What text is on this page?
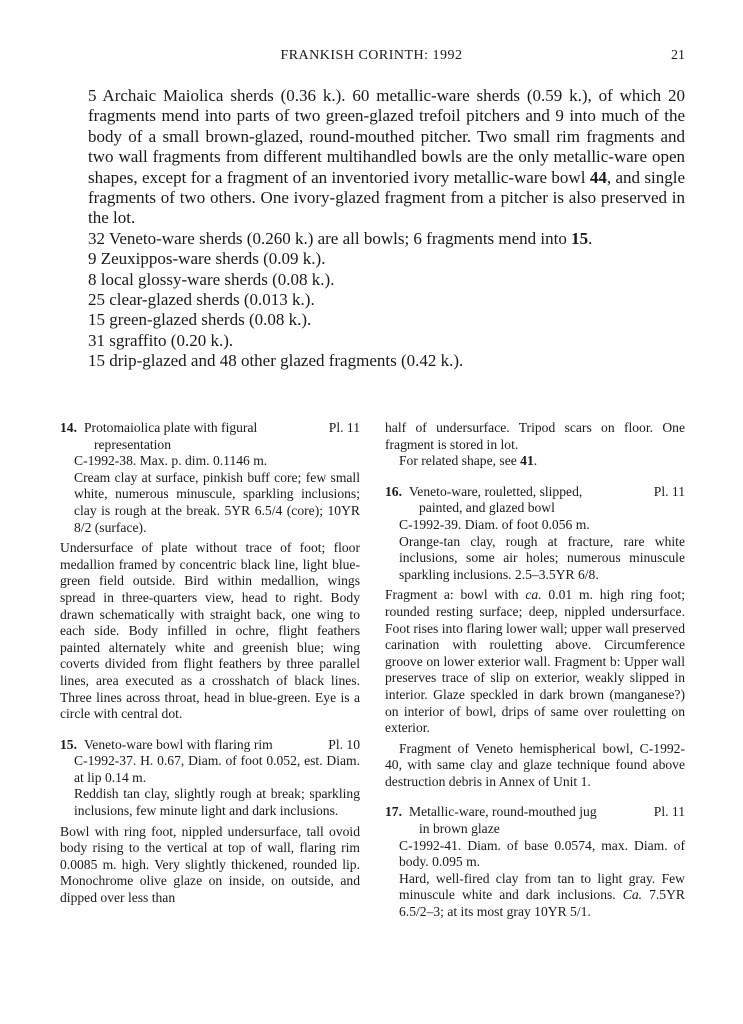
FRANKISH CORINTH: 1992	21

5 Archaic Maiolica sherds (0.36 k.). 60 metallic-ware sherds (0.59 k.), of which 20 fragments mend into parts of two green-glazed trefoil pitchers and 9 into much of the body of a small brown-glazed, round-mouthed pitcher. Two small rim fragments and two wall fragments from different multihandled bowls are the only metallic-ware open shapes, except for a fragment of an inventoried ivory metallic-ware bowl 44, and single fragments of two others. One ivory-glazed fragment from a pitcher is also preserved in the lot.

32 Veneto-ware sherds (0.260 k.) are all bowls; 6 fragments mend into 15.
9 Zeuxippos-ware sherds (0.09 k.).
8 local glossy-ware sherds (0.08 k.).
25 clear-glazed sherds (0.013 k.).
15 green-glazed sherds (0.08 k.).
31 sgraffito (0.20 k.).
15 drip-glazed and 48 other glazed fragments (0.42 k.).
14. Protomaiolica plate with figural
representation
Pl. 11

C-1992-38. Max. p. dim. 0.1146 m.

Cream clay at surface, pinkish buff core; few small white, numerous minuscule, sparkling inclusions; clay is rough at the break. 5YR 6.5/4 (core); 10YR 8/2 (surface).

Undersurface of plate without trace of foot; floor medallion framed by concentric black line, light blue-green field outside. Bird within medallion, wings spread in three-quarters view, head to right. Body drawn schematically with straight back, one wing to each side. Body infilled in ochre, flight feathers painted alternately white and greenish blue; wing coverts divided from flight feathers by three parallel lines, area executed as a crosshatch of black lines. Three lines across throat, head in blue-green. Eye is a circle with central dot.

15. Veneto-ware bowl with flaring rim	Pl. 10

C-1992-37. H. 0.67, Diam. of foot 0.052, est. Diam. at lip 0.14 m.

Reddish tan clay, slightly rough at break; sparkling inclusions, few minute light and dark inclusions.

Bowl with ring foot, nippled undersurface, tall ovoid body rising to the vertical at top of wall, flaring rim 0.0085 m. high. Very slightly thickened, rounded lip. Monochrome olive glaze on inside, on outside, and dipped over less than

half of undersurface. Tripod scars on floor. One fragment is stored in lot.

For related shape, see 41.

16. Veneto-ware, rouletted, slipped,
painted, and glazed bowl
Pl. 11

C-1992-39. Diam. of foot 0.056 m.

Orange-tan clay, rough at fracture, rare white inclusions, some air holes; numerous minuscule sparkling inclusions. 2.5–3.5YR 6/8.

Fragment a: bowl with ca. 0.01 m. high ring foot; rounded resting surface; deep, nippled undersurface. Foot rises into flaring lower wall; upper wall preserved carination with rouletting above. Circumference groove on lower exterior wall. Fragment b: Upper wall preserves trace of slip on exterior, weakly slipped in interior. Glaze speckled in dark brown (manganese?) on interior of bowl, drips of same over rouletting on exterior.

Fragment of Veneto hemispherical bowl, C-1992-40, with same clay and glaze technique found above destruction debris in Annex of Unit 1.

17. Metallic-ware, round-mouthed jug
in brown glaze
Pl. 11

C-1992-41. Diam. of base 0.0574, max. Diam. of body. 0.095 m.

Hard, well-fired clay from tan to light gray. Few minuscule white and dark inclusions. Ca. 7.5YR 6.5/2–3; at its most gray 10YR 5/1.
